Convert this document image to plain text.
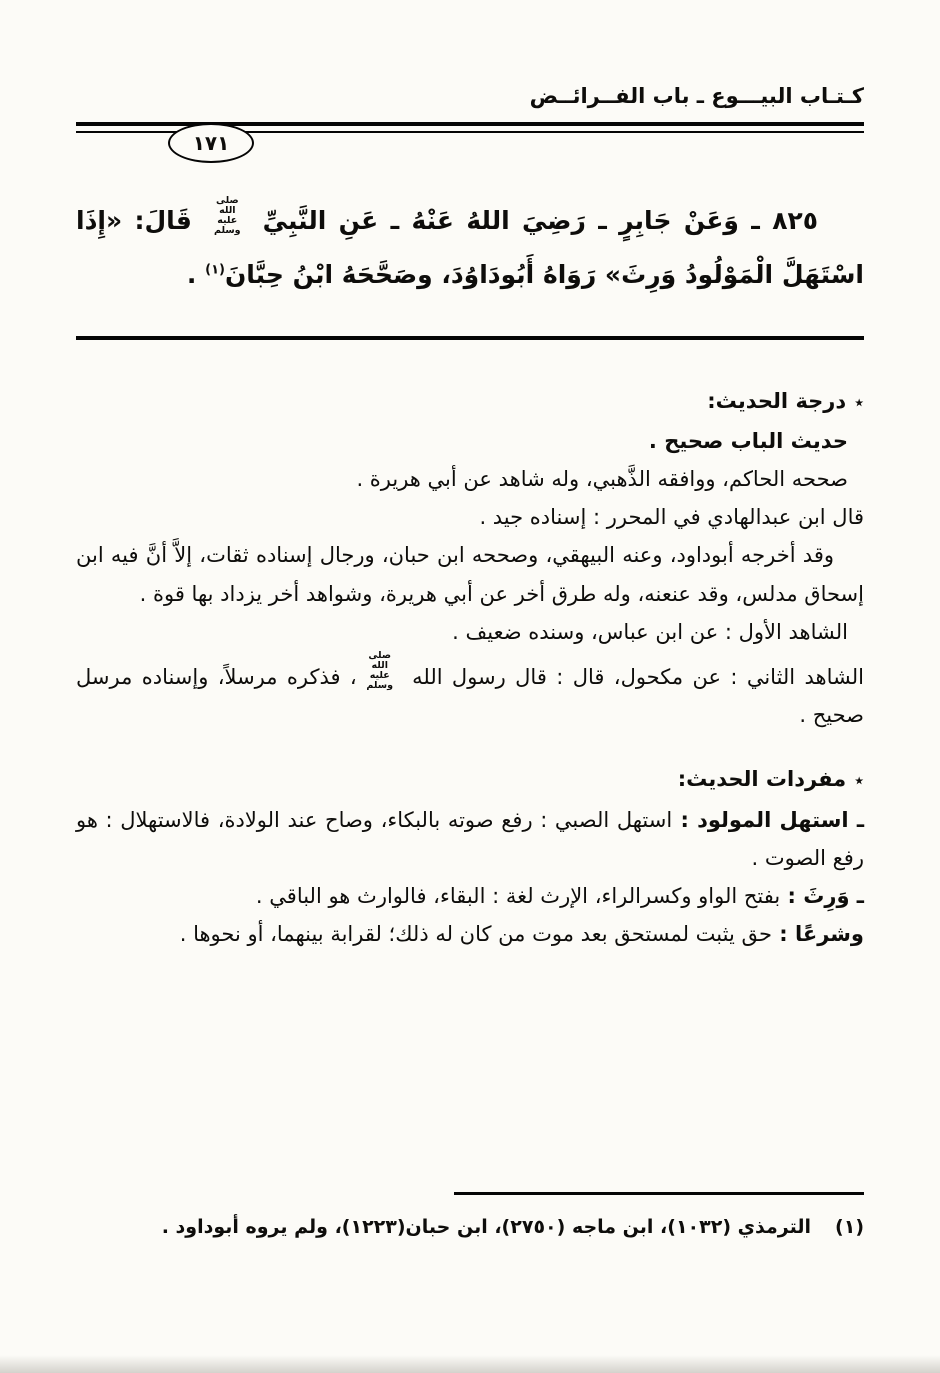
كـتـاب البيـــوع ـ باب الفــرائــض
١٧١

٨٢٥ ـ وَعَنْ جَابِرٍ ـ رَضِيَ اللهُ عَنْهُ ـ عَنِ النَّبِيِّ صلى الله عليه وسلم قَالَ: «إِذَا اسْتَهَلَّ الْمَوْلُودُ وَرِثَ» رَوَاهُ أَبُودَاوُدَ، وصَحَّحَهُ ابْنُ حِبَّانَ$^{(١)}$ .

٭درجة الحديث:

حديث الباب صحيح .

صححه الحاكم، ووافقه الذَّهبي، وله شاهد عن أبي هريرة .

قال ابن عبدالهادي في المحرر : إسناده جيد .

وقد أخرجه أبوداود، وعنه البيهقي، وصححه ابن حبان، ورجال إسناده ثقات، إلاَّ أنَّ فيه ابن إسحاق مدلس، وقد عنعنه، وله طرق أخر عن أبي هريرة، وشواهد أخر يزداد بها قوة .

الشاهد الأول : عن ابن عباس، وسنده ضعيف .

الشاهد الثاني : عن مكحول، قال : قال رسول الله صلى الله عليه وسلم، فذكره مرسلاً، وإسناده مرسل صحيح .

٭مفردات الحديث:

ـ استهل المولود : استهل الصبي : رفع صوته بالبكاء، وصاح عند الولادة، فالاستهلال : هو رفع الصوت .

ـ وَرِثَ : بفتح الواو وكسرالراء، الإرث لغة : البقاء، فالوارث هو الباقي .

وشرعًا : حق يثبت لمستحق بعد موت من كان له ذلك؛ لقرابة بينهما، أو نحوها .

(١)
الترمذي (١٠٣٢)، ابن ماجه (٢٧٥٠)، ابن حبان(١٢٢٣)، ولم يروه أبوداود .
